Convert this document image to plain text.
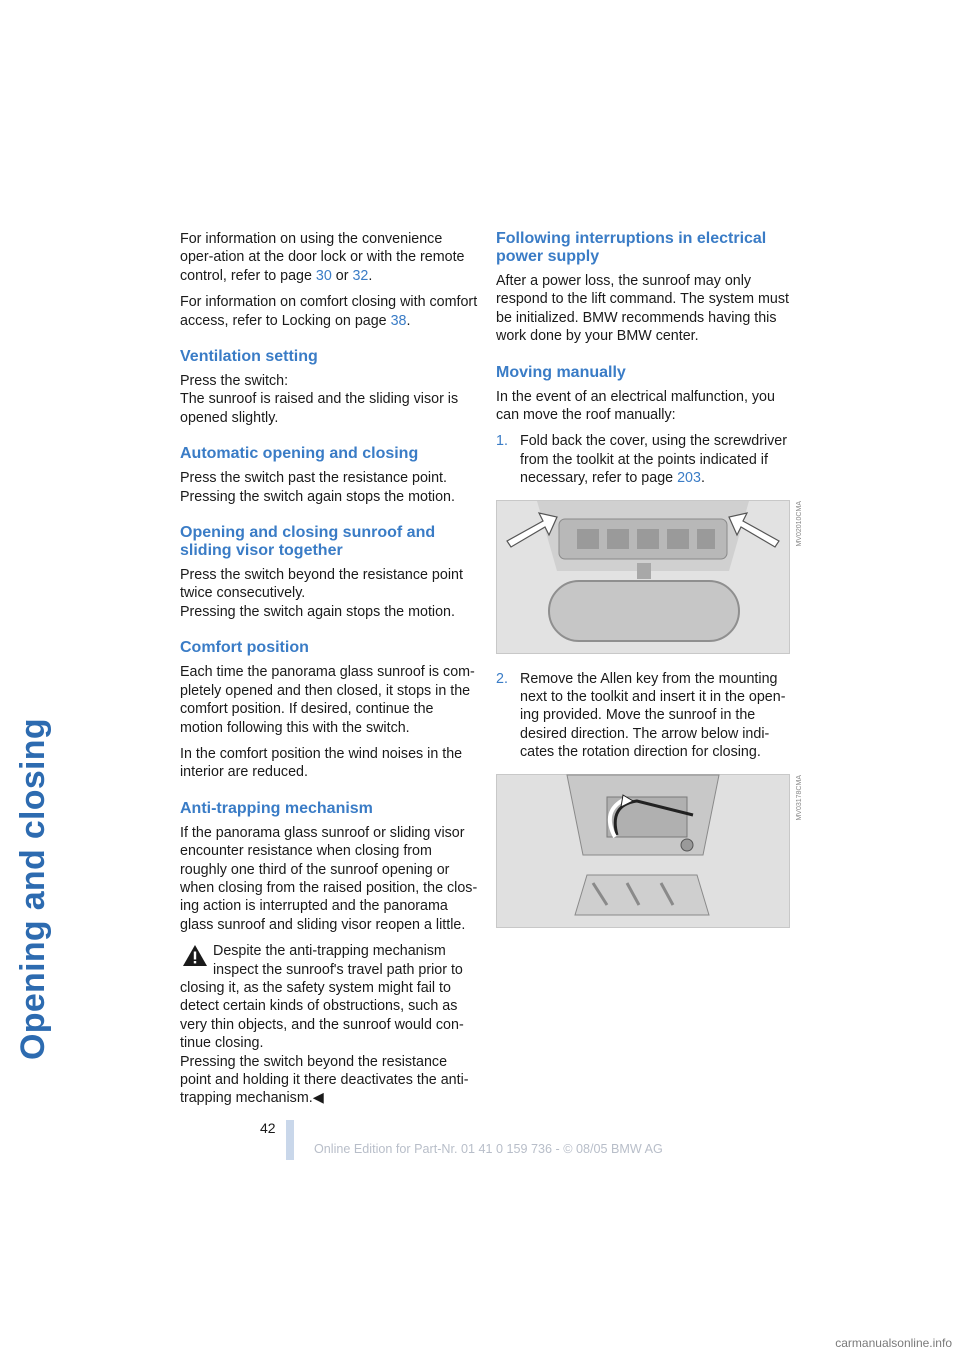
Opening and closing

For information on using the convenience oper-ation at the door lock or with the remote control, refer to page 30 or 32.

For information on comfort closing with comfort access, refer to Locking on page 38.

Ventilation setting

Press the switch:
The sunroof is raised and the sliding visor is opened slightly.

Automatic opening and closing

Press the switch past the resistance point.
Pressing the switch again stops the motion.

Opening and closing sunroof and sliding visor together

Press the switch beyond the resistance point twice consecutively.
Pressing the switch again stops the motion.

Comfort position

Each time the panorama glass sunroof is com-pletely opened and then closed, it stops in the comfort position. If desired, continue the motion following this with the switch.

In the comfort position the wind noises in the interior are reduced.

Anti-trapping mechanism

If the panorama glass sunroof or sliding visor encounter resistance when closing from roughly one third of the sunroof opening or when closing from the raised position, the clos-ing action is interrupted and the panorama glass sunroof and sliding visor reopen a little.

Despite the anti-trapping mechanism inspect the sunroof's travel path prior to
closing it, as the safety system might fail to detect certain kinds of obstructions, such as very thin objects, and the sunroof would con-tinue closing.
Pressing the switch beyond the resistance point and holding it there deactivates the anti-trapping mechanism.◀
Following interruptions in electrical power supply

After a power loss, the sunroof may only respond to the lift command. The system must be initialized. BMW recommends having this work done by your BMW center.

Moving manually

In the event of an electrical malfunction, you can move the roof manually:

1. Fold back the cover, using the screwdriver from the toolkit at the points indicated if necessary, refer to page 203.
MV02010CMA
2. Remove the Allen key from the mounting next to the toolkit and insert it in the open-ing provided. Move the sunroof in the desired direction. The arrow below indi-cates the rotation direction for closing.
MV03178CMA
42
Online Edition for Part-Nr. 01 41 0 159 736 - © 08/05 BMW AG
carmanualsonline.info
